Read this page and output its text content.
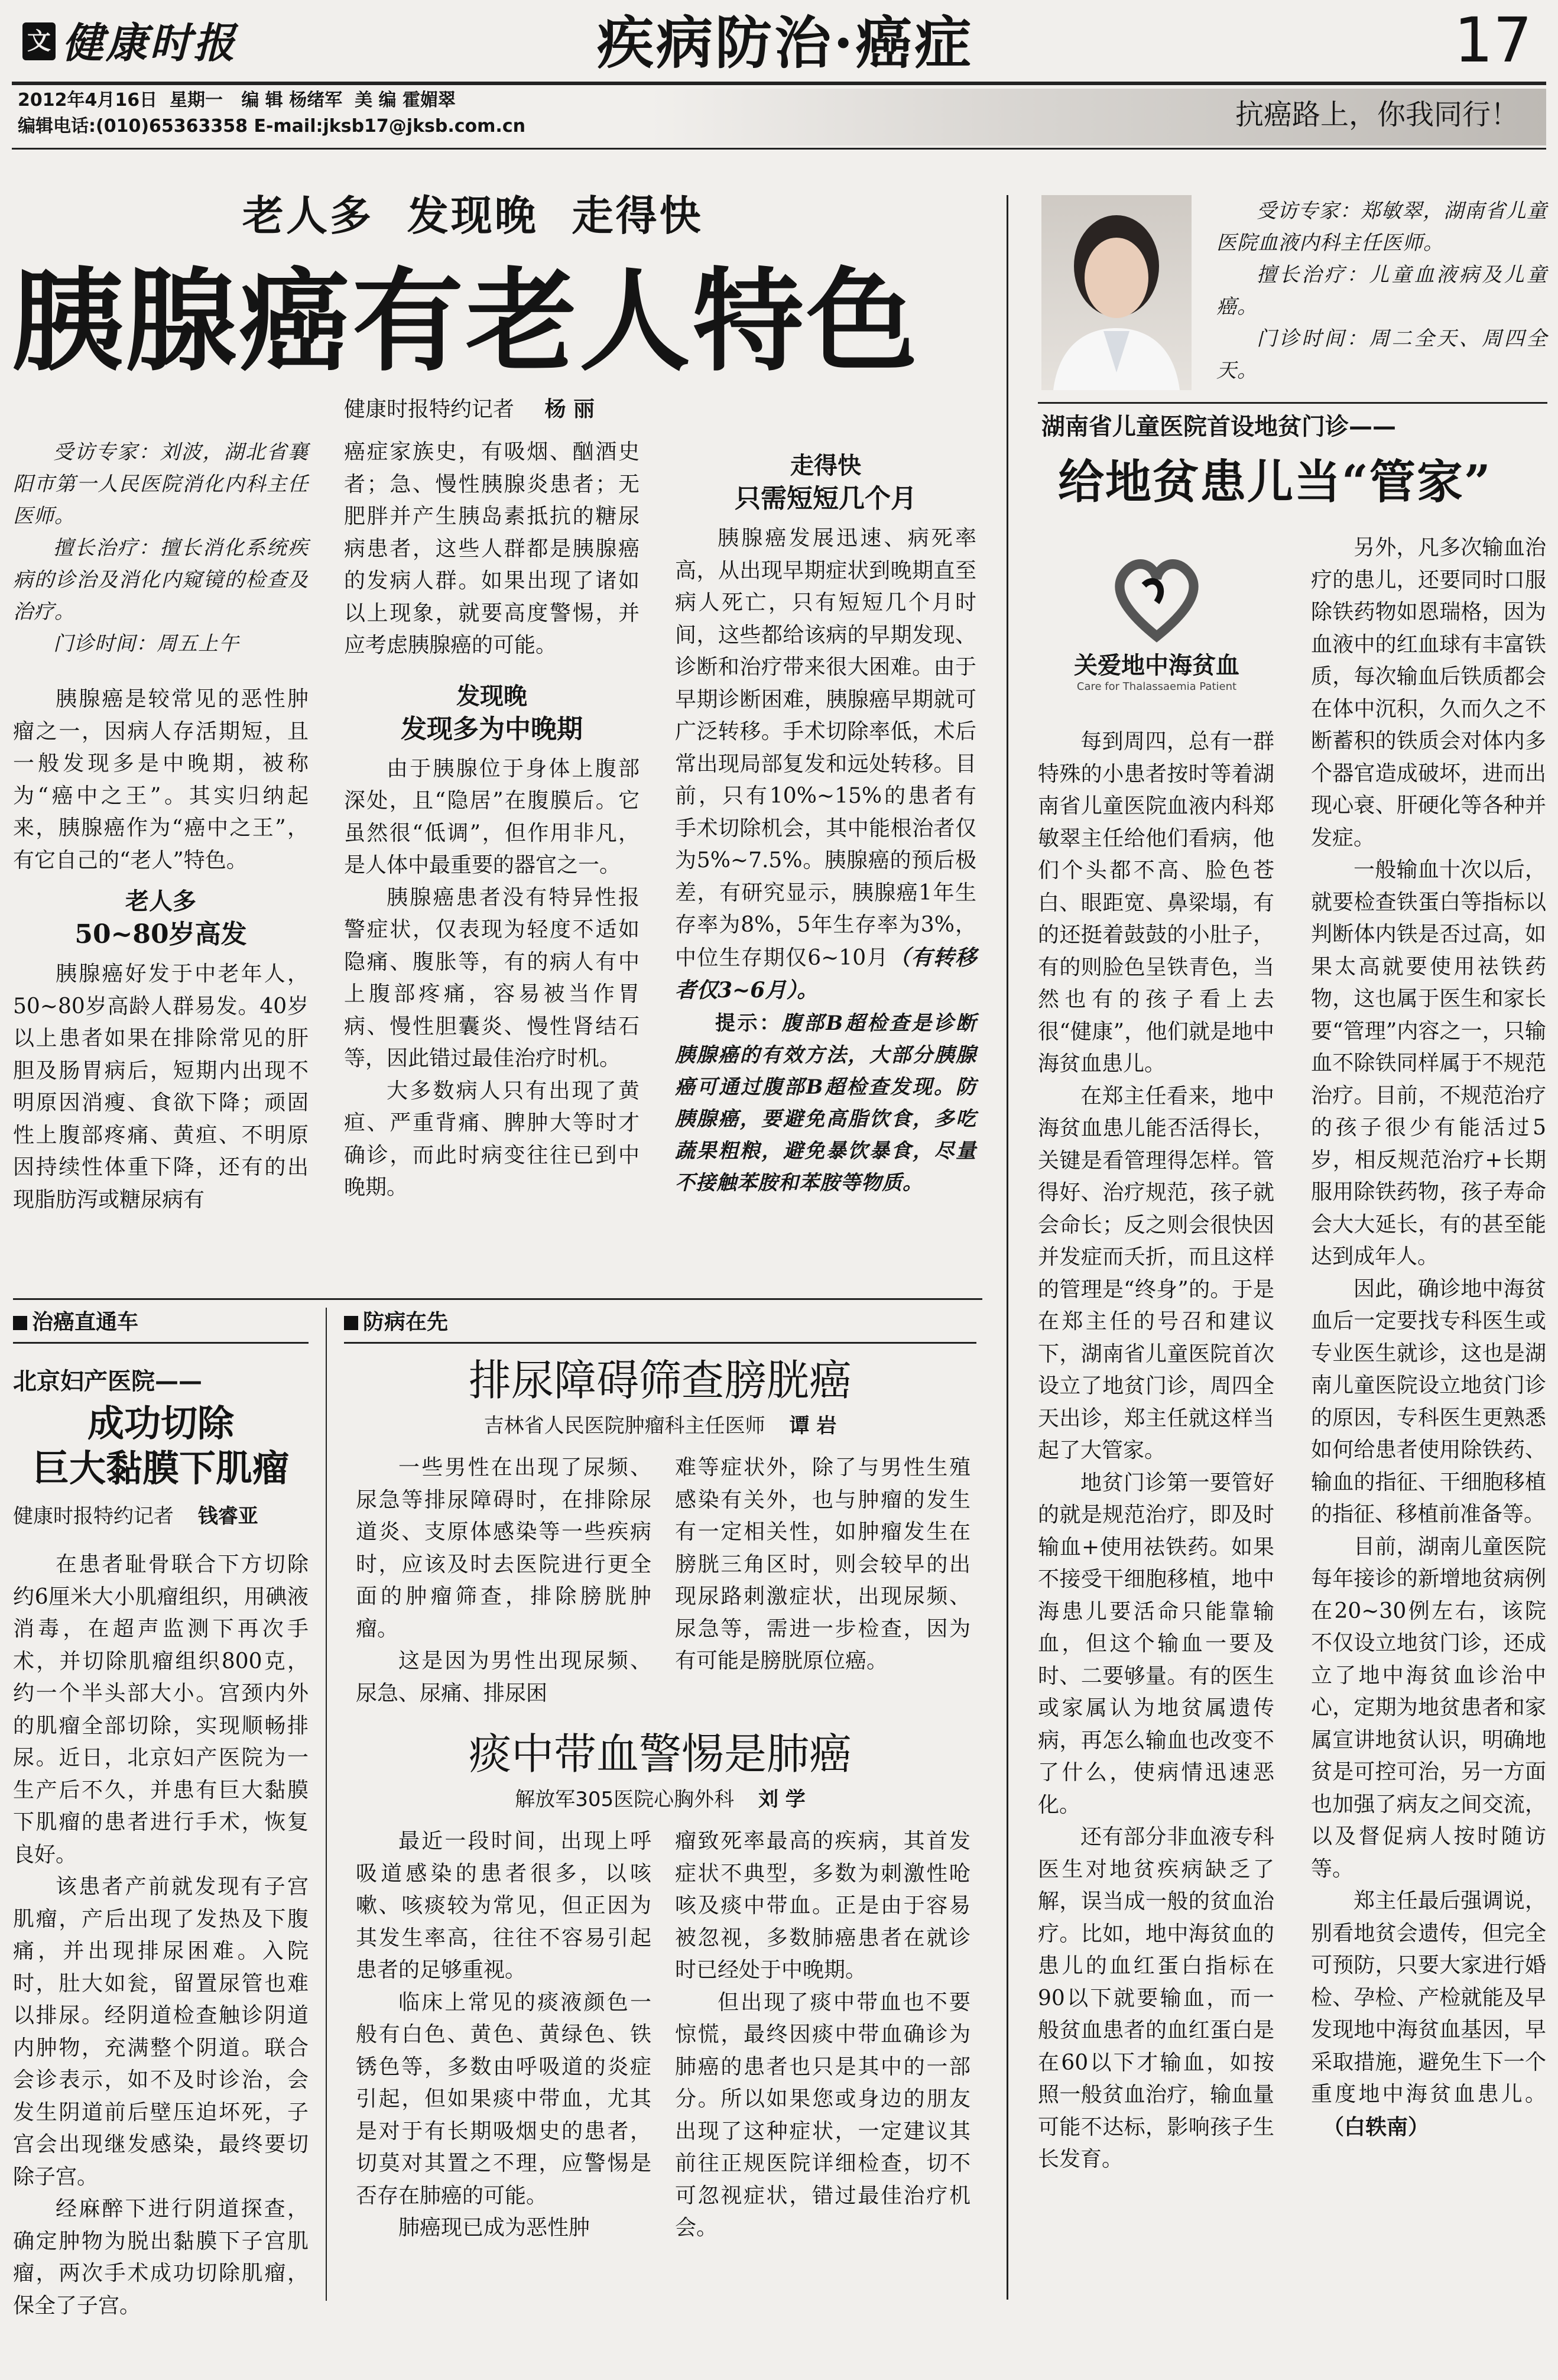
文 健康时报	疾病防治·癌症	17
2012年4月16日  星期一   编 辑 杨绪军  美 编 霍媚翠
编辑电话:(010)65363358 E-mail:jksb17@jksb.com.cn	抗癌路上，你我同行！
老人多  发现晚  走得快
胰腺癌有老人特色
健康时报特约记者 杨 丽

受访专家：刘波，湖北省襄阳市第一人民医院消化内科主任医师。

擅长治疗：擅长消化系统疾病的诊治及消化内窥镜的检查及治疗。

门诊时间：周五上午

胰腺癌是较常见的恶性肿瘤之一，因病人存活期短，且一般发现多是中晚期，被称为“癌中之王”。其实归纳起来，胰腺癌作为“癌中之王”，有它自己的“老人”特色。

老人多
50~80岁高发

胰腺癌好发于中老年人，50~80岁高龄人群易发。40岁以上患者如果在排除常见的肝胆及肠胃病后，短期内出现不明原因消瘦、食欲下降；顽固性上腹部疼痛、黄疸、不明原因持续性体重下降，还有的出现脂肪泻或糖尿病有

癌症家族史，有吸烟、酗酒史者；急、慢性胰腺炎患者；无肥胖并产生胰岛素抵抗的糖尿病患者，这些人群都是胰腺癌的发病人群。如果出现了诸如以上现象，就要高度警惕，并应考虑胰腺癌的可能。

发现晚
发现多为中晚期

由于胰腺位于身体上腹部深处，且“隐居”在腹膜后。它虽然很“低调”，但作用非凡，是人体中最重要的器官之一。

胰腺癌患者没有特异性报警症状，仅表现为轻度不适如隐痛、腹胀等，有的病人有中上腹部疼痛，容易被当作胃病、慢性胆囊炎、慢性肾结石等，因此错过最佳治疗时机。

大多数病人只有出现了黄疸、严重背痛、脾肿大等时才确诊，而此时病变往往已到中晚期。

走得快
只需短短几个月

胰腺癌发展迅速、病死率高，从出现早期症状到晚期直至病人死亡，只有短短几个月时间，这些都给该病的早期发现、诊断和治疗带来很大困难。由于早期诊断困难，胰腺癌早期就可广泛转移。手术切除率低，术后常出现局部复发和远处转移。目前，只有10%~15%的患者有手术切除机会，其中能根治者仅为5%~7.5%。胰腺癌的预后极差，有研究显示，胰腺癌1年生存率为8%，5年生存率为3%，中位生存期仅6~10月（有转移者仅3~6月）。

提示：腹部B超检查是诊断胰腺癌的有效方法，大部分胰腺癌可通过腹部B超检查发现。防胰腺癌，要避免高脂饮食，多吃蔬果粗粮，避免暴饮暴食，尽量不接触苯胺和苯胺等物质。

受访专家：郑敏翠，湖南省儿童医院血液内科主任医师。

擅长治疗：儿童血液病及儿童癌。

门诊时间：周二全天、周四全天。

湖南省儿童医院首设地贫门诊——
给地贫患儿当“管家”
关爱地中海贫血
Care for Thalassaemia Patient

每到周四，总有一群特殊的小患者按时等着湖南省儿童医院血液内科郑敏翠主任给他们看病，他们个头都不高、脸色苍白、眼距宽、鼻梁塌，有的还挺着鼓鼓的小肚子，有的则脸色呈铁青色，当然也有的孩子看上去很“健康”，他们就是地中海贫血患儿。

在郑主任看来，地中海贫血患儿能否活得长，关键是看管理得怎样。管得好、治疗规范，孩子就会命长；反之则会很快因并发症而夭折，而且这样的管理是“终身”的。于是在郑主任的号召和建议下，湖南省儿童医院首次设立了地贫门诊，周四全天出诊，郑主任就这样当起了大管家。

地贫门诊第一要管好的就是规范治疗，即及时输血+使用祛铁药。如果不接受干细胞移植，地中海患儿要活命只能靠输血，但这个输血一要及时、二要够量。有的医生或家属认为地贫属遗传病，再怎么输血也改变不了什么，使病情迅速恶化。

还有部分非血液专科医生对地贫疾病缺乏了解，误当成一般的贫血治疗。比如，地中海贫血的患儿的血红蛋白指标在90以下就要输血，而一般贫血患者的血红蛋白是在60以下才输血，如按照一般贫血治疗，输血量可能不达标，影响孩子生长发育。

另外，凡多次输血治疗的患儿，还要同时口服除铁药物如恩瑞格，因为血液中的红血球有丰富铁质，每次输血后铁质都会在体中沉积，久而久之不断蓄积的铁质会对体内多个器官造成破坏，进而出现心衰、肝硬化等各种并发症。

一般输血十次以后，就要检查铁蛋白等指标以判断体内铁是否过高，如果太高就要使用祛铁药物，这也属于医生和家长要“管理”内容之一，只输血不除铁同样属于不规范治疗。目前，不规范治疗的孩子很少有能活过5岁，相反规范治疗+长期服用除铁药物，孩子寿命会大大延长，有的甚至能达到成年人。

因此，确诊地中海贫血后一定要找专科医生或专业医生就诊，这也是湖南儿童医院设立地贫门诊的原因，专科医生更熟悉如何给患者使用除铁药、输血的指征、干细胞移植的指征、移植前准备等。

目前，湖南儿童医院每年接诊的新增地贫病例在20~30例左右，该院不仅设立地贫门诊，还成立了地中海贫血诊治中心，定期为地贫患者和家属宣讲地贫认识，明确地贫是可控可治，另一方面也加强了病友之间交流，以及督促病人按时随访等。

郑主任最后强调说，别看地贫会遗传，但完全可预防，只要大家进行婚检、孕检、产检就能及早发现地中海贫血基因，早采取措施，避免生下一个重度地中海贫血患儿。 （白轶南）

治癌直通车
北京妇产医院——
成功切除
巨大黏膜下肌瘤
健康时报特约记者 钱睿亚

在患者耻骨联合下方切除约6厘米大小肌瘤组织，用碘液消毒，在超声监测下再次手术，并切除肌瘤组织800克，约一个半头部大小。宫颈内外的肌瘤全部切除，实现顺畅排尿。近日，北京妇产医院为一生产后不久，并患有巨大黏膜下肌瘤的患者进行手术，恢复良好。

该患者产前就发现有子宫肌瘤，产后出现了发热及下腹痛，并出现排尿困难。入院时，肚大如瓮，留置尿管也难以排尿。经阴道检查触诊阴道内肿物，充满整个阴道。联合会诊表示，如不及时诊治，会发生阴道前后壁压迫坏死，子宫会出现继发感染，最终要切除子宫。

经麻醉下进行阴道探查，确定肿物为脱出黏膜下子宫肌瘤，两次手术成功切除肌瘤，保全了子宫。

防病在先
排尿障碍筛查膀胱癌
吉林省人民医院肿瘤科主任医师 谭 岩

一些男性在出现了尿频、尿急等排尿障碍时，在排除尿道炎、支原体感染等一些疾病时，应该及时去医院进行更全面的肿瘤筛查，排除膀胱肿瘤。

这是因为男性出现尿频、尿急、尿痛、排尿困

难等症状外，除了与男性生殖感染有关外，也与肿瘤的发生有一定相关性，如肿瘤发生在膀胱三角区时，则会较早的出现尿路刺激症状，出现尿频、尿急等，需进一步检查，因为有可能是膀胱原位癌。

痰中带血警惕是肺癌
解放军305医院心胸外科 刘 学

最近一段时间，出现上呼吸道感染的患者很多，以咳嗽、咳痰较为常见，但正因为其发生率高，往往不容易引起患者的足够重视。

临床上常见的痰液颜色一般有白色、黄色、黄绿色、铁锈色等，多数由呼吸道的炎症引起，但如果痰中带血，尤其是对于有长期吸烟史的患者，切莫对其置之不理，应警惕是否存在肺癌的可能。

肺癌现已成为恶性肿

瘤致死率最高的疾病，其首发症状不典型，多数为刺激性呛咳及痰中带血。正是由于容易被忽视，多数肺癌患者在就诊时已经处于中晚期。

但出现了痰中带血也不要惊慌，最终因痰中带血确诊为肺癌的患者也只是其中的一部分。所以如果您或身边的朋友出现了这种症状，一定建议其前往正规医院详细检查，切不可忽视症状，错过最佳治疗机会。
